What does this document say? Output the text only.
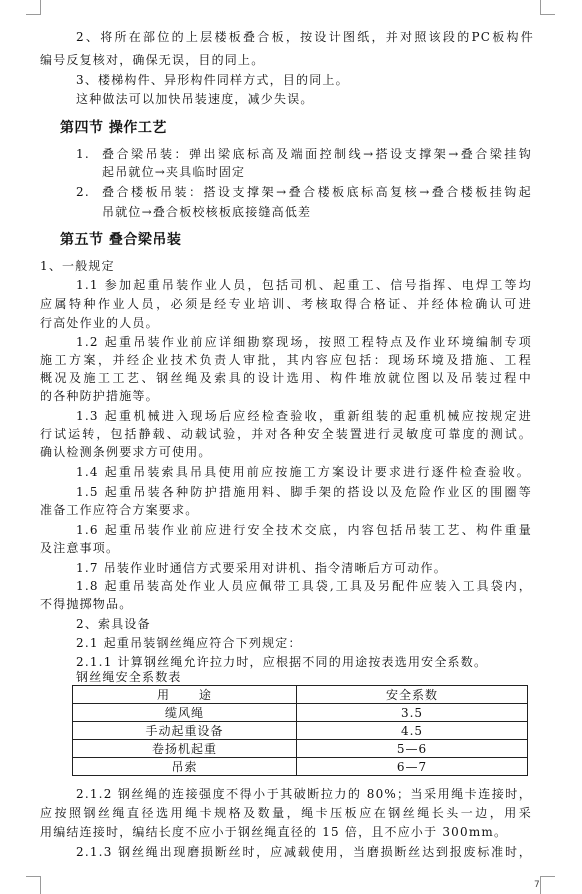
2、将所在部位的上层楼板叠合板，按设计图纸，并对照该段的PC板构件
编号反复核对，确保无误，目的同上。
3、楼梯构件、异形构件同样方式，目的同上。
这种做法可以加快吊装速度，减少失误。
第四节 操作工艺
1. 叠合梁吊装：弹出梁底标高及端面控制线→搭设支撑架→叠合梁挂钩
起吊就位→夹具临时固定
2. 叠合楼板吊装：搭设支撑架→叠合楼板底标高复核→叠合楼板挂钩起
吊就位→叠合板校核板底接缝高低差
第五节 叠合梁吊装
1、一般规定
1.1 参加起重吊装作业人员，包括司机、起重工、信号指挥、电焊工等均
应属特种作业人员，必须是经专业培训、考核取得合格证、并经体检确认可进
行高处作业的人员。
1.2 起重吊装作业前应详细勘察现场，按照工程特点及作业环境编制专项
施工方案，并经企业技术负责人审批，其内容应包括：现场环境及措施、工程
概况及施工工艺、钢丝绳及索具的设计选用、构件堆放就位图以及吊装过程中
的各种防护措施等。
1.3 起重机械进入现场后应经检查验收，重新组装的起重机械应按规定进
行试运转，包括静载、动载试验，并对各种安全装置进行灵敏度可靠度的测试。
确认检测条例要求方可使用。
1.4 起重吊装索具吊具使用前应按施工方案设计要求进行逐件检查验收。
1.5 起重吊装各种防护措施用料、脚手架的搭设以及危险作业区的围圈等
准备工作应符合方案要求。
1.6 起重吊装作业前应进行安全技术交底，内容包括吊装工艺、构件重量
及注意事项。
1.7 吊装作业时通信方式要采用对讲机、指令清晰后方可动作。
1.8 起重吊装高处作业人员应佩带工具袋,工具及另配件应装入工具袋内，
不得抛掷物品。
2、索具设备
2.1 起重吊装钢丝绳应符合下列规定：
2.1.1 计算钢丝绳允许拉力时，应根据不同的用途按表选用安全系数。
钢丝绳安全系数表
用      途	安全系数
缆风绳	3.5
手动起重设备	4.5
卷扬机起重	5—6
吊索	6—7
2.1.2 钢丝绳的连接强度不得小于其破断拉力的 80%；当采用绳卡连接时，
应按照钢丝绳直径选用绳卡规格及数量，绳卡压板应在钢丝绳长头一边，用采
用编结连接时，编结长度不应小于钢丝绳直径的 15 倍，且不应小于 300mm。
2.1.3 钢丝绳出现磨损断丝时，应减载使用，当磨损断丝达到报废标准时，
7
